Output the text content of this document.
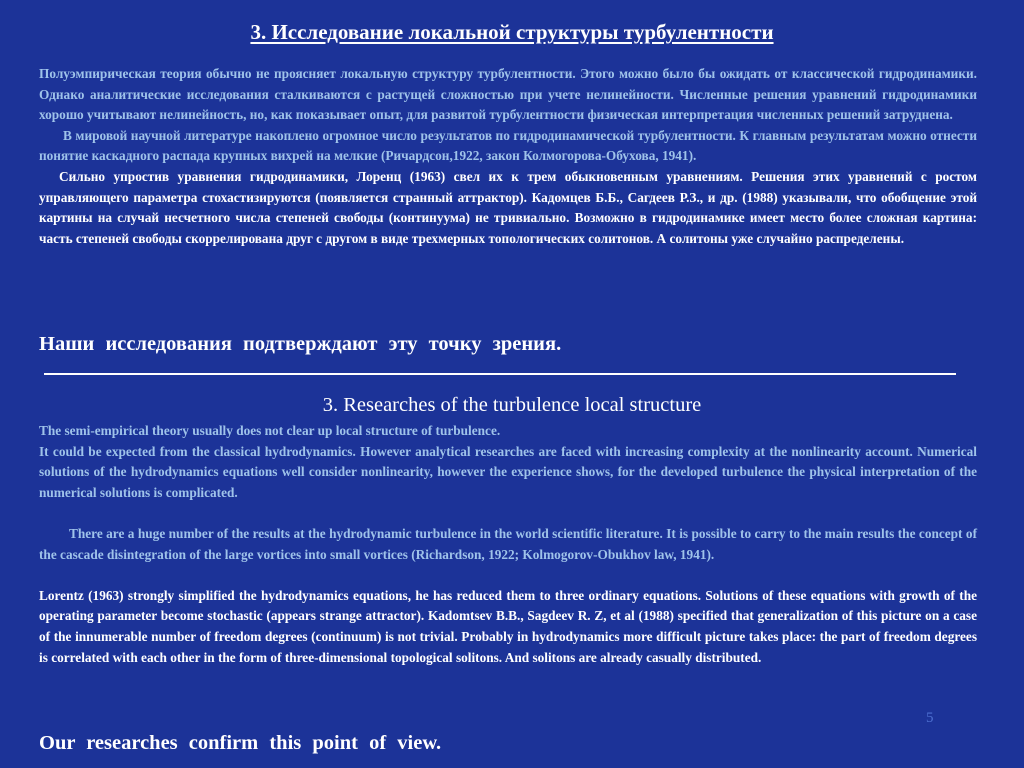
3. Исследование локальной структуры турбулентности

Полуэмпирическая теория обычно не проясняет локальную структуру турбулентности. Этого можно было бы ожидать от классической гидродинамики. Однако аналитические исследования сталкиваются с растущей сложностью при учете нелинейности. Численные решения уравнений гидродинамики хорошо учитывают нелинейность, но, как показывает опыт, для развитой турбулентности физическая интерпретация численных решений затруднена.

В мировой научной литературе накоплено огромное число результатов по гидродинамической турбулентности. К главным результатам можно отнести понятие каскадного распада крупных вихрей на мелкие (Ричардсон,1922, закон Колмогорова-Обухова, 1941).

Сильно упростив уравнения гидродинамики, Лоренц (1963) свел их к трем обыкновенным уравнениям. Решения этих уравнений с ростом управляющего параметра стохастизируются (появляется странный аттрактор). Кадомцев Б.Б., Сагдеев Р.З., и др. (1988) указывали, что обобщение этой картины на случай несчетного числа степеней свободы (континуума) не тривиально. Возможно в гидродинамике имеет место более сложная картина: часть степеней свободы скоррелирована друг с другом в виде трехмерных топологических солитонов. А солитоны уже случайно распределены.

Наши исследования подтверждают эту точку зрения.
3. Researches of the turbulence local structure

The semi-empirical theory usually does not clear up local structure of turbulence.

It could be expected from the classical hydrodynamics. However analytical researches are faced with increasing complexity at the nonlinearity account. Numerical solutions of the hydrodynamics equations well consider nonlinearity, however the experience shows, for the developed turbulence the physical interpretation of the numerical solutions is complicated.

There are a huge number of the results at the hydrodynamic turbulence in the world scientific literature. It is possible to carry to the main results the concept of the cascade disintegration of the large vortices into small vortices (Richardson, 1922; Kolmogorov-Obukhov law, 1941).

Lorentz (1963) strongly simplified the hydrodynamics equations, he has reduced them to three ordinary equations. Solutions of these equations with growth of the operating parameter become stochastic (appears strange attractor). Kadomtsev B.B., Sagdeev R. Z, et al (1988) specified that generalization of this picture on a case of the innumerable number of freedom degrees (continuum) is not trivial. Probably in hydrodynamics more difficult picture takes place: the part of freedom degrees is correlated with each other in the form of three-dimensional topological solitons. And solitons are already casually distributed.

5
Our researches confirm this point of view.
